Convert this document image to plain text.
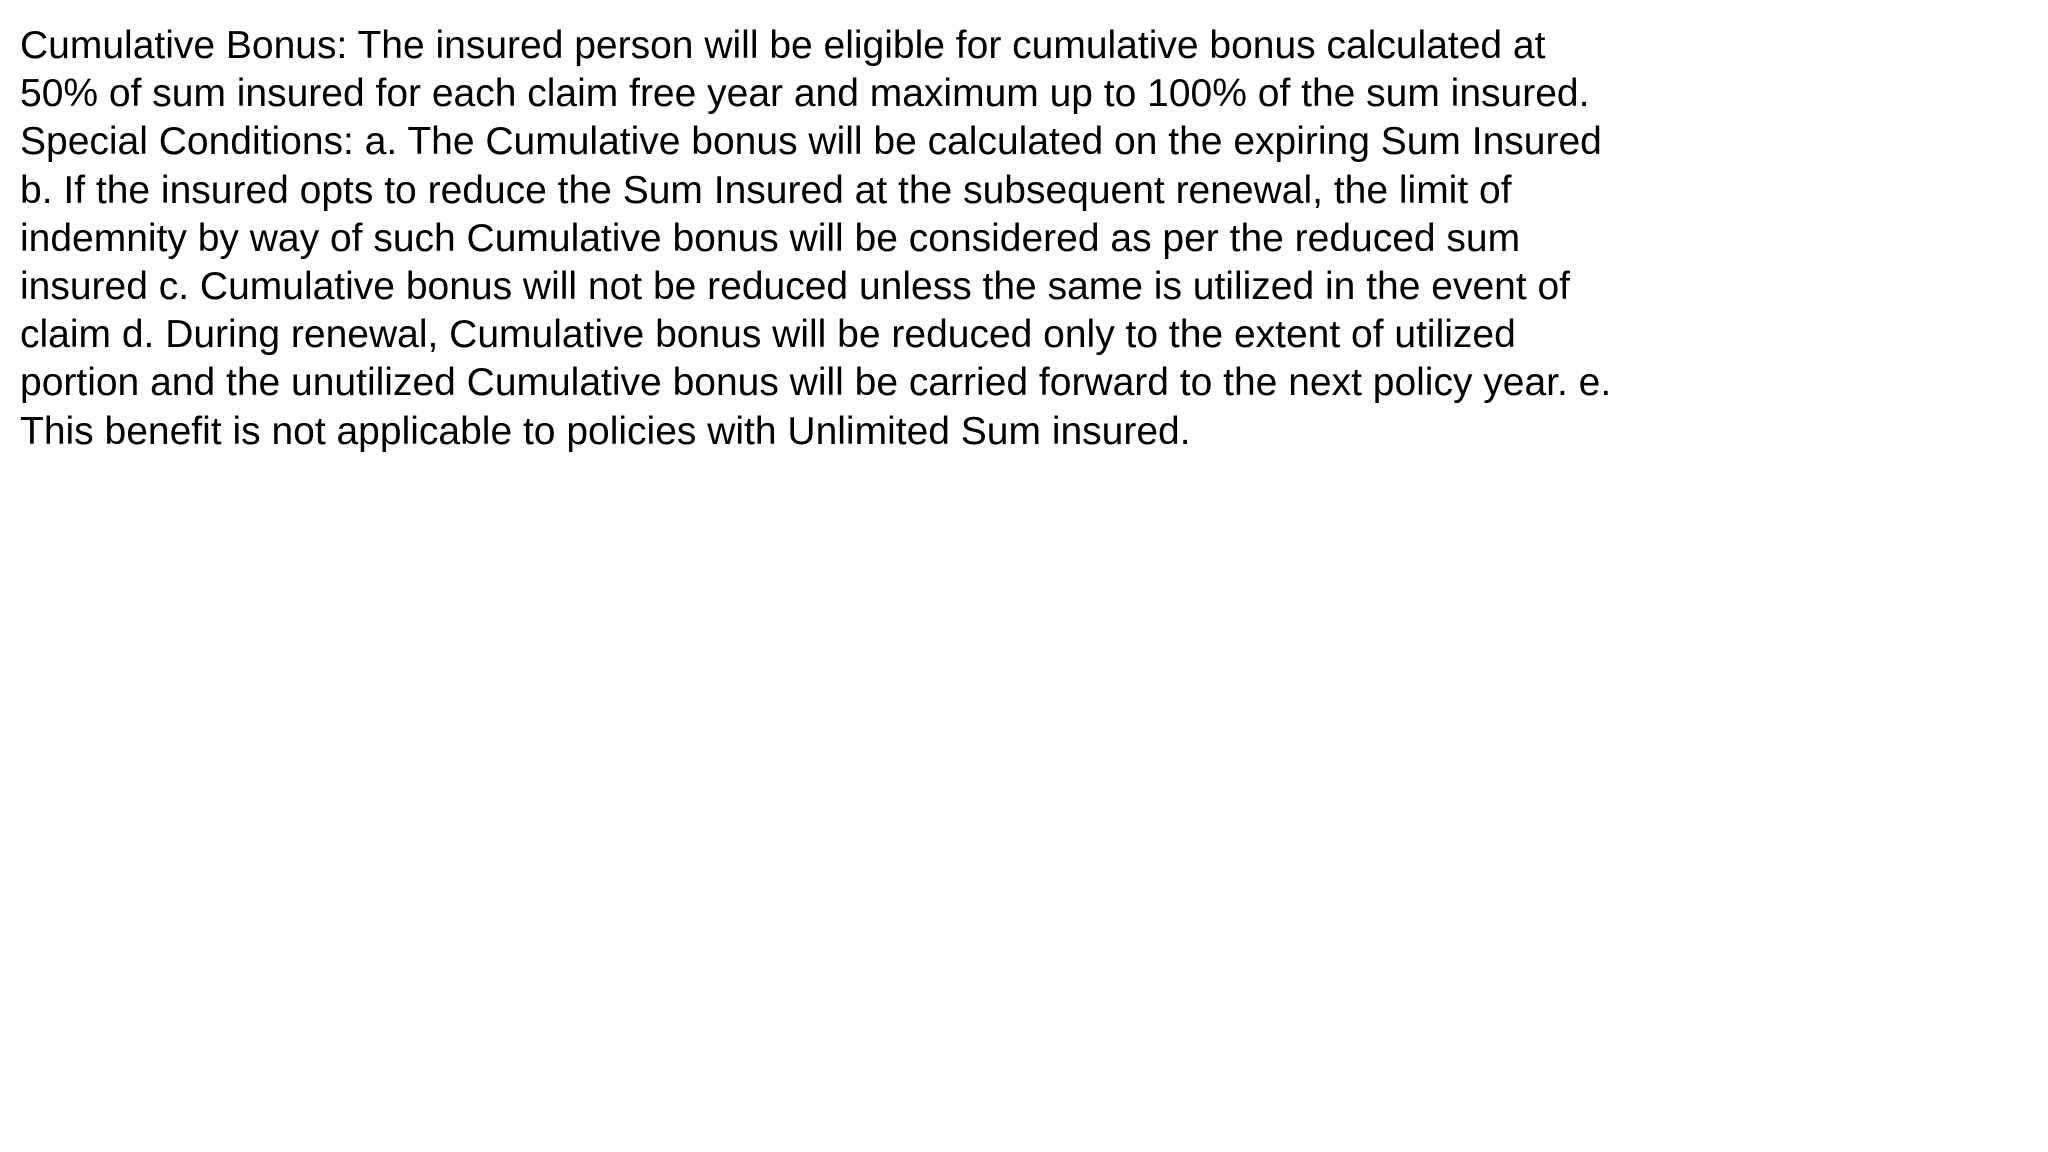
Cumulative Bonus: The insured person will be eligible for cumulative bonus calculated at
50% of sum insured for each claim free year and maximum up to 100% of the sum insured.
Special Conditions: a. The Cumulative bonus will be calculated on the expiring Sum Insured
b. If the insured opts to reduce the Sum Insured at the subsequent renewal, the limit of
indemnity by way of such Cumulative bonus will be considered as per the reduced sum
insured c. Cumulative bonus will not be reduced unless the same is utilized in the event of
claim d. During renewal, Cumulative bonus will be reduced only to the extent of utilized
portion and the unutilized Cumulative bonus will be carried forward to the next policy year. e.
This benefit is not applicable to policies with Unlimited Sum insured.
